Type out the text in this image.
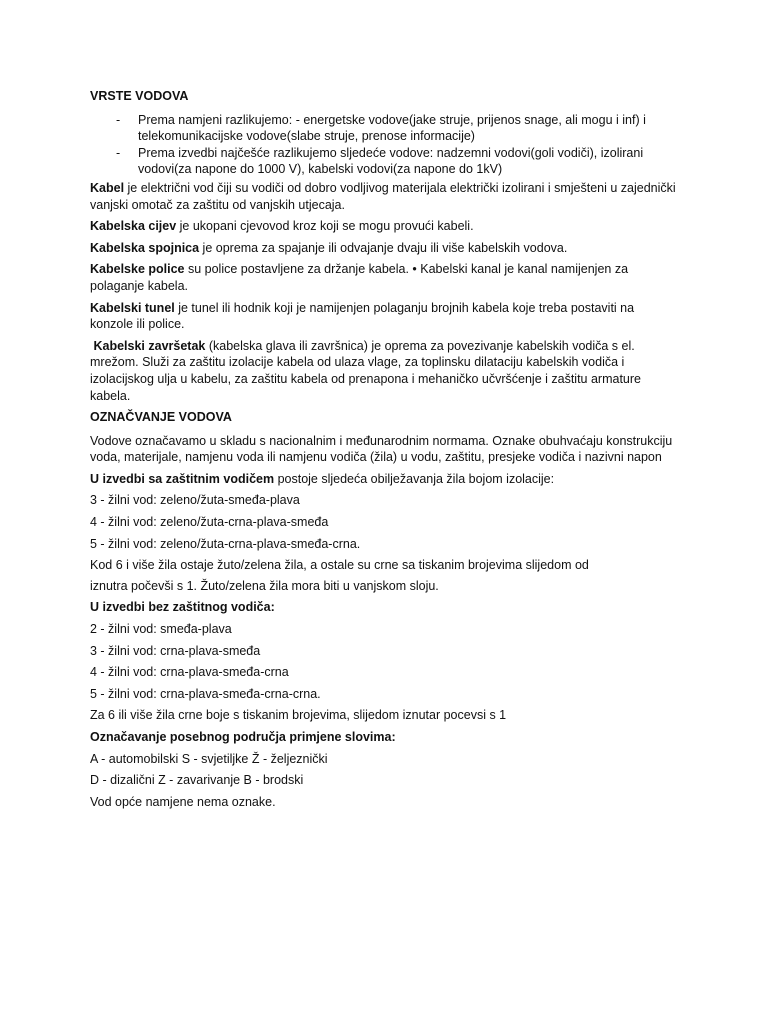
VRSTE VODOVA
- Prema namjeni razlikujemo: - energetske vodove(jake struje, prijenos snage, ali mogu i inf) i telekomunikacijske vodove(slabe struje, prenose informacije)
- Prema izvedbi najčešće razlikujemo sljedeće vodove: nadzemni vodovi(goli vodiči), izolirani vodovi(za napone do 1000 V), kabelski vodovi(za napone do 1kV)

Kabel je električni vod čiji su vodiči od dobro vodljivog materijala električki izolirani i smješteni u zajednički vanjski omotač za zaštitu od vanjskih utjecaja.

Kabelska cijev je ukopani cjevovod kroz koji se mogu provući kabeli.

Kabelska spojnica je oprema za spajanje ili odvajanje dvaju ili više kabelskih vodova.

Kabelske police su police postavljene za držanje kabela. • Kabelski kanal je kanal namijenjen za polaganje kabela.

Kabelski tunel je tunel ili hodnik koji je namijenjen polaganju brojnih kabela koje treba postaviti na konzole ili police.

Kabelski završetak (kabelska glava ili završnica) je oprema za povezivanje kabelskih vodiča s el. mrežom. Služi za zaštitu izolacije kabela od ulaza vlage, za toplinsku dilataciju kabelskih vodiča i izolacijskog ulja u kabelu, za zaštitu kabela od prenapona i mehaničko učvršćenje i zaštitu armature kabela.

OZNAČVANJE VODOVA

Vodove označavamo u skladu s nacionalnim i međunarodnim normama. Oznake obuhvaćaju konstrukciju voda, materijale, namjenu voda ili namjenu vodiča (žila) u vodu, zaštitu, presjeke vodiča i nazivni napon

U izvedbi sa zaštitnim vodičem postoje sljedeća obilježavanja žila bojom izolacije:

3 - žilni vod: zeleno/žuta-smeđa-plava

4 - žilni vod: zeleno/žuta-crna-plava-smeđa

5 - žilni vod: zeleno/žuta-crna-plava-smeđa-crna.

Kod 6 i više žila ostaje žuto/zelena žila, a ostale su crne sa tiskanim brojevima slijedom od

iznutra počevši s 1. Žuto/zelena žila mora biti u vanjskom sloju.

U izvedbi bez zaštitnog vodiča:

2 - žilni vod: smeđa-plava

3 - žilni vod: crna-plava-smeđa

4 - žilni vod: crna-plava-smeđa-crna

5 - žilni vod: crna-plava-smeđa-crna-crna.

Za 6 ili više žila crne boje s tiskanim brojevima, slijedom iznutar pocevsi s 1

Označavanje posebnog područja primjene slovima:

A - automobilski S - svjetiljke Ž - željeznički

D - dizalični Z - zavarivanje B - brodski

Vod opće namjene nema oznake.
